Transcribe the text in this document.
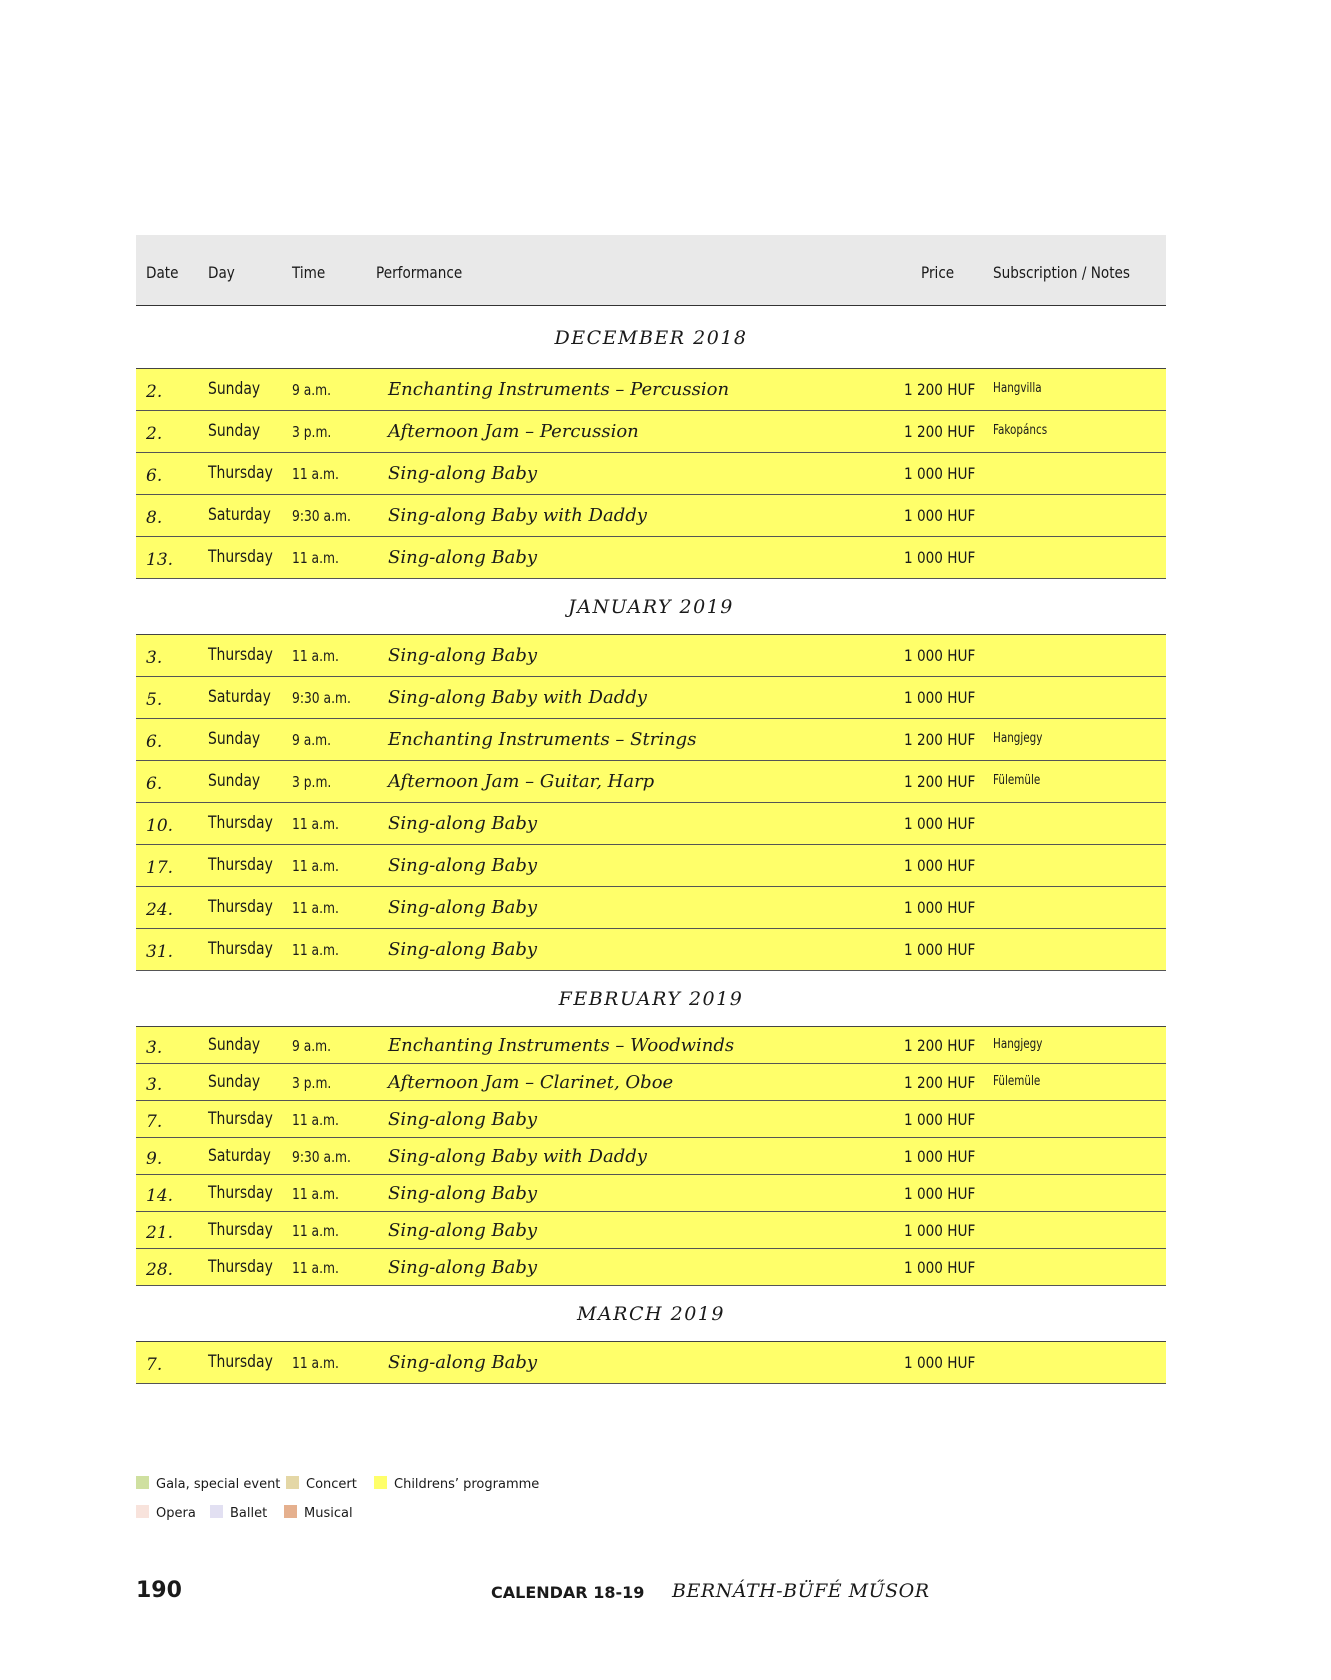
Date Day	Time	Performance	Price Subscription / Notes
DECEMBER 2018
2.	Sunday 9 a.m.	Enchanting Instruments – Percussion	1 200 HUF Hangvilla
2.	Sunday 3 p.m.	Afternoon Jam – Percussion	1 200 HUF Fakopáncs
6.	Thursday 11 a.m.	Sing-along Baby	1 000 HUF
8.	Saturday 9:30 a.m. Sing-along Baby with Daddy	1 000 HUF
13. Thursday 11 a.m.	Sing-along Baby	1 000 HUF
JANUARY 2019
3.	Thursday 11 a.m.	Sing-along Baby	1 000 HUF
5.	Saturday 9:30 a.m. Sing-along Baby with Daddy	1 000 HUF
6.	Sunday 9 a.m.	Enchanting Instruments – Strings	1 200 HUF Hangjegy
6.	Sunday 3 p.m.	Afternoon Jam – Guitar, Harp	1 200 HUF Fülemüle
10. Thursday 11 a.m.	Sing-along Baby	1 000 HUF
17. Thursday 11 a.m.	Sing-along Baby	1 000 HUF
24. Thursday 11 a.m.	Sing-along Baby	1 000 HUF
31. Thursday 11 a.m.	Sing-along Baby	1 000 HUF
FEBRUARY 2019
3.	Sunday 9 a.m.	Enchanting Instruments – Woodwinds	1 200 HUF Hangjegy
3.	Sunday 3 p.m.	Afternoon Jam – Clarinet, Oboe	1 200 HUF Fülemüle
7.	Thursday 11 a.m.	Sing-along Baby	1 000 HUF
9.	Saturday 9:30 a.m. Sing-along Baby with Daddy	1 000 HUF
14. Thursday 11 a.m.	Sing-along Baby	1 000 HUF
21. Thursday 11 a.m.	Sing-along Baby	1 000 HUF
28. Thursday 11 a.m.	Sing-along Baby	1 000 HUF
MARCH 2019
7.	Thursday 11 a.m.	Sing-along Baby	1 000 HUF
Gala, special event	Concert	Childrens’ programme
Opera	Ballet	Musical
190	CALENDAR 18-19 BERNÁTH-BÜFÉ MŰSOR
